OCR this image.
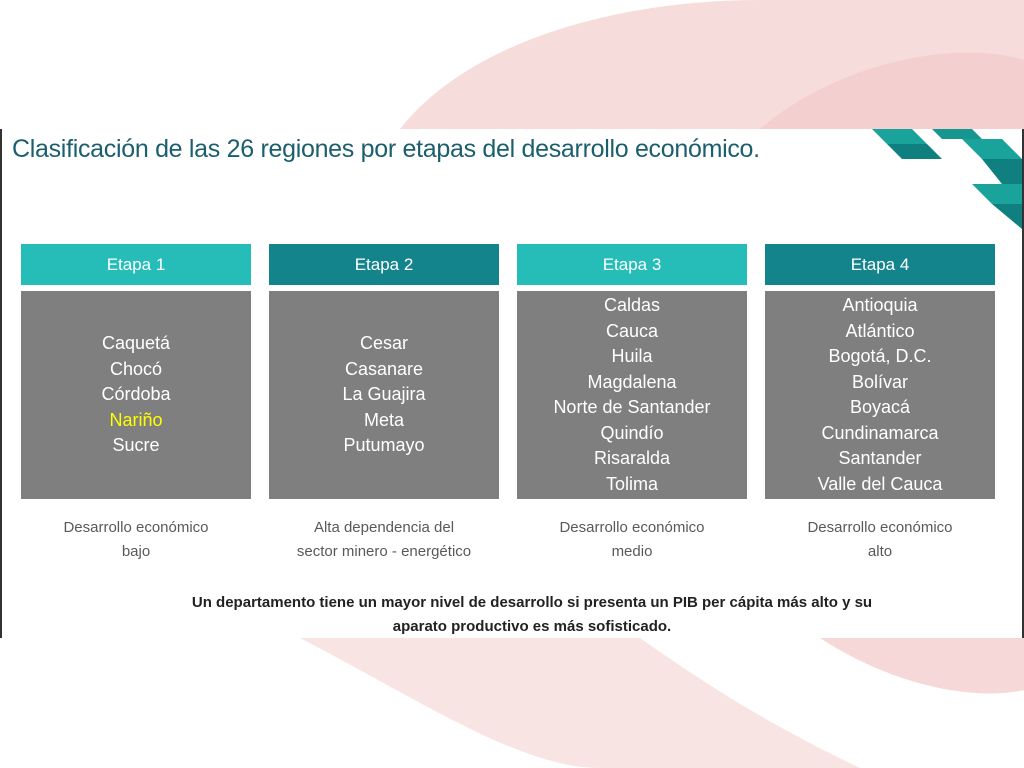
Clasificación de las 26 regiones por etapas del desarrollo económico.
Etapa 1
Caquetá
Chocó
Córdoba
Nariño
Sucre
Desarrollo económico
bajo
Etapa 2
Cesar
Casanare
La Guajira
Meta
Putumayo
Alta dependencia del
sector minero - energético
Etapa 3
Caldas
Cauca
Huila
Magdalena
Norte de Santander
Quindío
Risaralda
Tolima
Desarrollo económico
medio
Etapa 4
Antioquia
Atlántico
Bogotá, D.C.
Bolívar
Boyacá
Cundinamarca
Santander
Valle del Cauca
Desarrollo económico
alto
Un departamento tiene un mayor nivel de desarrollo si presenta un PIB per cápita más alto y su
aparato productivo es más sofisticado.
